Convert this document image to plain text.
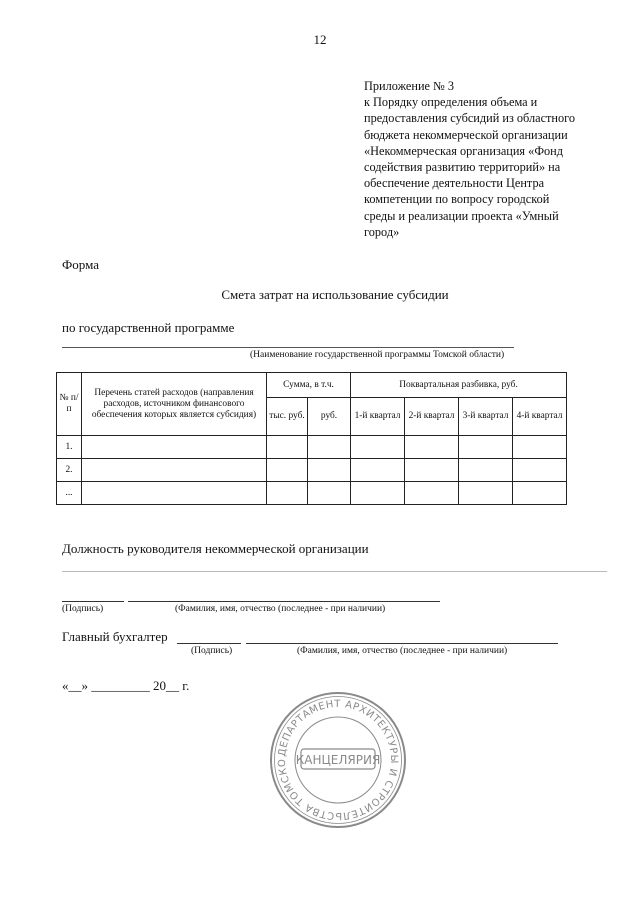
12
Приложение № 3
к Порядку определения объема и
предоставления субсидий из областного
бюджета некоммерческой организации
«Некоммерческая организация «Фонд
содействия развитию территорий» на
обеспечение деятельности Центра
компетенции по вопросу городской
среды и реализации проекта «Умный
город»
Форма
Смета затрат на использование субсидии
по государственной программе
(Наименование государственной программы Томской области)
№ п/п	Перечень статей расходов (направления расходов, источником финансового обеспечения которых является субсидия)	Сумма, в т.ч.		Поквартальная разбивка, руб.			
		тыс. руб.	руб.	1-й квартал	2-й квартал	3-й квартал	4-й квартал
1.							
2.							
...							
Должность руководителя некоммерческой организации
(Подпись)	(Фамилия, имя, отчество (последнее - при наличии)
Главный бухгалтер
(Подпись)	(Фамилия, имя, отчество (последнее - при наличии)
«__» _________ 20__ г.
ДЕПАРТАМЕНТ АРХИТЕКТУРЫ И СТРОИТЕЛЬСТВА ТОМСКО КАНЦЕЛЯРИЯ
